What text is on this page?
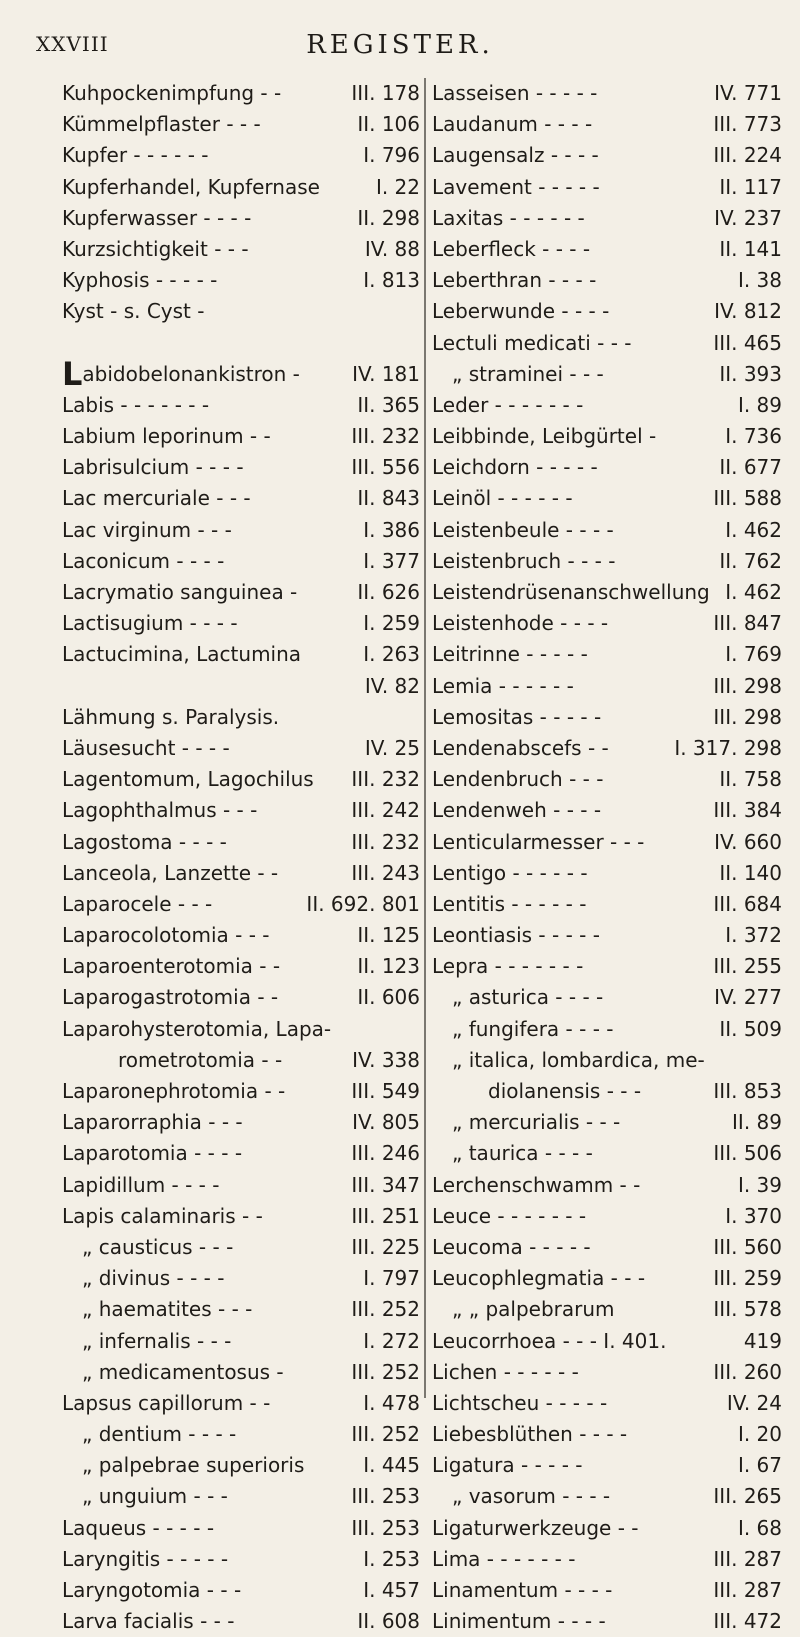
XXVIII	REGISTER.
Kuhpockenimpfung - -	III. 178
Kümmelpflaster - - -	II. 106
Kupfer - - - - - -	I. 796
Kupferhandel, Kupfernase	I. 22
Kupferwasser - - - -	II. 298
Kurzsichtigkeit - - -	IV. 88
Kyphosis - - - - -	I. 813
Kyst - s. Cyst -
Labidobelonankistron -	IV. 181
Labis - - - - - - -	II. 365
Labium leporinum - -	III. 232
Labrisulcium - - - -	III. 556
Lac mercuriale - - -	II. 843
Lac virginum - - -	I. 386
Laconicum - - - -	I. 377
Lacrymatio sanguinea -	II. 626
Lactisugium - - - -	I. 259
Lactucimina, Lactumina	I. 263
IV. 82
Lähmung s. Paralysis.
Läusesucht - - - -	IV. 25
Lagentomum, Lagochilus III. 232
Lagophthalmus - - -	III. 242
Lagostoma - - - -	III. 232
Lanceola, Lanzette - -	III. 243
Laparocele - - -	II. 692. 801
Laparocolotomia - - -	II. 125
Laparoenterotomia - -	II. 123
Laparogastrotomia - -	II. 606
Laparohysterotomia, Lapa-
rometrotomia - -	IV. 338
Laparonephrotomia - -	III. 549
Laparorraphia - - -	IV. 805
Laparotomia - - - -	III. 246
Lapidillum - - - -	III. 347
Lapis calaminaris - -	III. 251
„ causticus - - -	III. 225
„ divinus - - - -	I. 797
„ haematites - - -	III. 252
„ infernalis - - -	I. 272
„ medicamentosus -	III. 252
Lapsus capillorum - -	I. 478
„ dentium - - - -	III. 252
„ palpebrae superioris	I. 445
„ unguium - - -	III. 253
Laqueus - - - - -	III. 253
Laryngitis - - - - -	I. 253
Laryngotomia - - -	I. 457
Larva facialis - - -	II. 608
Lasseisen - - - - -	IV. 771
Laudanum - - - -	III. 773
Laugensalz - - - -	III. 224
Lavement - - - - -	II. 117
Laxitas - - - - - -	IV. 237
Leberfleck - - - -	II. 141
Leberthran - - - -	I. 38
Leberwunde - - - -	IV. 812
Lectuli medicati - - -	III. 465
„ straminei - - -	II. 393
Leder - - - - - - -	I. 89
Leibbinde, Leibgürtel -	I. 736
Leichdorn - - - - -	II. 677
Leinöl - - - - - -	III. 588
Leistenbeule - - - -	I. 462
Leistenbruch - - - -	II. 762
Leistendrüsenanschwellung I. 462
Leistenhode - - - -	III. 847
Leitrinne - - - - -	I. 769
Lemia - - - - - -	III. 298
Lemositas - - - - -	III. 298
Lendenabscefs - -	I. 317. 298
Lendenbruch - - -	II. 758
Lendenweh - - - -	III. 384
Lenticularmesser - - -	IV. 660
Lentigo - - - - - -	II. 140
Lentitis - - - - - -	III. 684
Leontiasis - - - - -	I. 372
Lepra - - - - - - -	III. 255
„ asturica - - - -	IV. 277
„ fungifera - - - -	II. 509
„ italica, lombardica, me-
diolanensis - - -	III. 853
„ mercurialis - - -	II. 89
„ taurica - - - -	III. 506
Lerchenschwamm - -	I. 39
Leuce - - - - - - -	I. 370
Leucoma - - - - -	III. 560
Leucophlegmatia - - -	III. 259
„ „ palpebrarum	III. 578
Leucorrhoea - - - I. 401.	419
Lichen - - - - - -	III. 260
Lichtscheu - - - - -	IV. 24
Liebesblüthen - - - -	I. 20
Ligatura - - - - -	I. 67
„ vasorum - - - -	III. 265
Ligaturwerkzeuge - -	I. 68
Lima - - - - - - -	III. 287
Linamentum - - - -	III. 287
Linimentum - - - -	III. 472
